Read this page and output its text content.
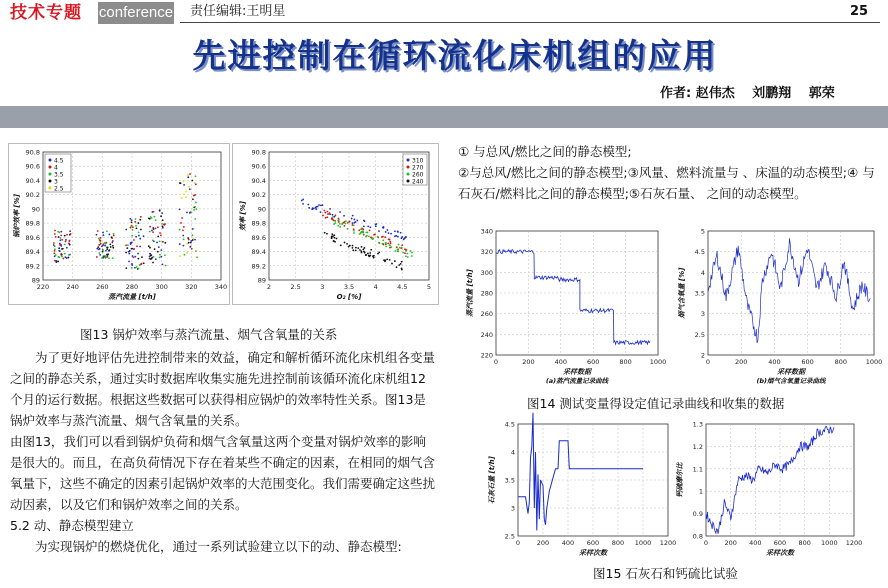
技术专题	conference 责任编辑:王明星	25
先进控制在循环流化床机组的应用
作者: 赵伟杰　 刘鹏翔　 郭荣
90.8
90.6
90.4
90.2
90
89.8
89.6
89.4
89.2
89
220	240	260	280	300	320	340
蒸汽流量 [t/h]
锅炉效率 [%]
4.5
4
3.5
3
2.5
90.8
90.6
90.4
90.2
90
89.8
89.6
89.4
89.2
89
2	2.5	3	3.5	4	4.5	5
O₂ [%]
效率 [%]
310
270
260
240
图13 锅炉效率与蒸汽流量、烟气含氧量的关系
为了更好地评估先进控制带来的效益，确定和解析循环流化床机组各变量之间的静态关系，通过实时数据库收集实施先进控制前该循环流化床机组12个月的运行数据。根据这些数据可以获得相应锅炉的效率特性关系。图13是锅炉效率与蒸汽流量、烟气含氧量的关系。
由图13，我们可以看到锅炉负荷和烟气含氧量这两个变量对锅炉效率的影响是很大的。而且，在高负荷情况下存在着某些不确定的因素，在相同的烟气含氧量下，这些不确定的因素引起锅炉效率的大范围变化。我们需要确定这些扰动因素，以及它们和锅炉效率之间的关系。
5.2 动、静态模型建立
为实现锅炉的燃烧优化，通过一系列试验建立以下的动、静态模型:
① 与总风/燃比之间的静态模型;
②与总风/燃比之间的静态模型;③风量、燃料流量与 、床温的动态模型;④ 与石灰石/燃料比之间的静态模型;⑤石灰石量、 之间的动态模型。
340
320
300
280
260
240
220
0	200	400	600	800	1000
采样数据
蒸汽流量 [t/h]
(a)蒸汽流量记录曲线
5
4.5
4
3.5
3
2.5
2
0	200	400	600	800	1000
采样数据
烟气含氧量 [%]
(b)烟气含氧量记录曲线
图14 测试变量得设定值记录曲线和收集的数据
4.5
4
3.5
3
2.5
0	200 400 600 800 1000 1200
采样次数
石灰石量 [t/h]
1.3
1.2
1.1
1
0.9
0.8
0	200 400 600 800 1000 1200
采样次数
钙硫摩尔比
图15 石灰石和钙硫比试验
